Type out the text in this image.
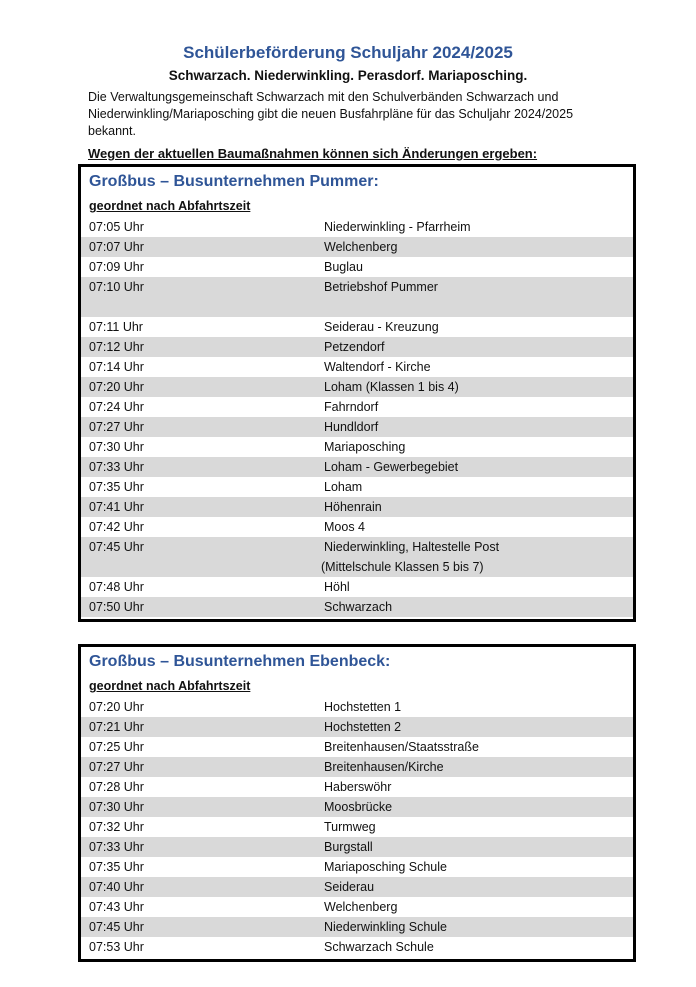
Schülerbeförderung Schuljahr 2024/2025
Schwarzach. Niederwinkling. Perasdorf. Mariaposching.
Die Verwaltungsgemeinschaft Schwarzach mit den Schulverbänden Schwarzach und Niederwinkling/Mariaposching gibt die neuen Busfahrpläne für das Schuljahr 2024/2025 bekannt.
Wegen der aktuellen Baumaßnahmen können sich Änderungen ergeben:
Großbus – Busunternehmen Pummer:
geordnet nach Abfahrtszeit
07:05 Uhr	Niederwinkling - Pfarrheim
07:07 Uhr	Welchenberg
07:09 Uhr	Buglau
07:10 Uhr	Betriebshof Pummer
07:11 Uhr	Seiderau - Kreuzung
07:12 Uhr	Petzendorf
07:14 Uhr	Waltendorf - Kirche
07:20 Uhr	Loham (Klassen 1 bis 4)
07:24 Uhr	Fahrndorf
07:27 Uhr	Hundldorf
07:30 Uhr	Mariaposching
07:33 Uhr	Loham - Gewerbegebiet
07:35 Uhr	Loham
07:41 Uhr	Höhenrain
07:42 Uhr	Moos 4
07:45 Uhr	Niederwinkling, Haltestelle Post
(Mittelschule Klassen 5 bis 7)
07:48 Uhr	Höhl
07:50 Uhr	Schwarzach
Großbus – Busunternehmen Ebenbeck:
geordnet nach Abfahrtszeit
07:20 Uhr	Hochstetten 1
07:21 Uhr	Hochstetten 2
07:25 Uhr	Breitenhausen/Staatsstraße
07:27 Uhr	Breitenhausen/Kirche
07:28 Uhr	Haberswöhr
07:30 Uhr	Moosbrücke
07:32 Uhr	Turmweg
07:33 Uhr	Burgstall
07:35 Uhr	Mariaposching Schule
07:40 Uhr	Seiderau
07:43 Uhr	Welchenberg
07:45 Uhr	Niederwinkling Schule
07:53 Uhr	Schwarzach Schule
